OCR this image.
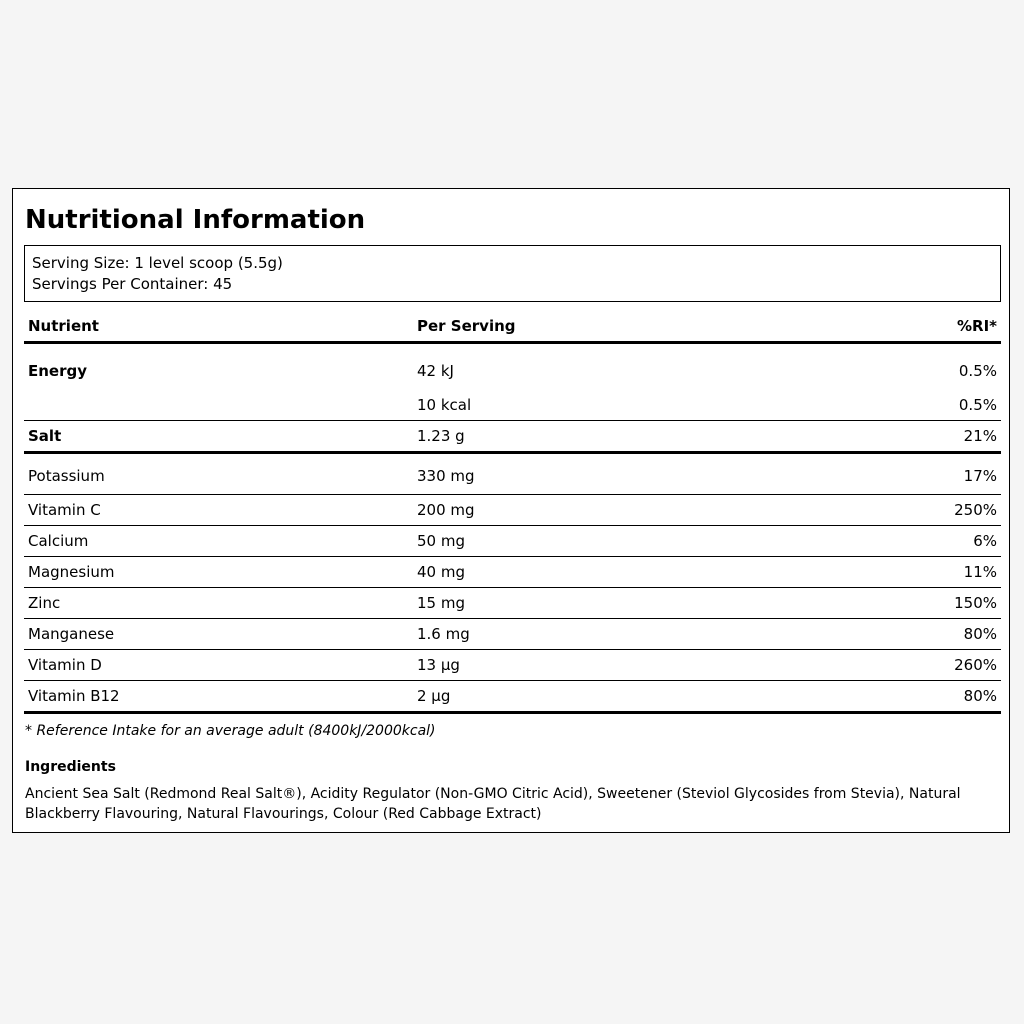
Nutritional Information
Serving Size: 1 level scoop (5.5g)
Servings Per Container: 45
Nutrient	Per Serving	%RI*
Energy	42 kJ	0.5%
	10 kcal	0.5%
Salt	1.23 g	21%
Potassium	330 mg	17%
Vitamin C	200 mg	250%
Calcium	50 mg	6%
Magnesium	40 mg	11%
Zinc	15 mg	150%
Manganese	1.6 mg	80%
Vitamin D	13 µg	260%
Vitamin B12	2 µg	80%
* Reference Intake for an average adult (8400kJ/2000kcal)
Ingredients

Ancient Sea Salt (Redmond Real Salt®), Acidity Regulator (Non-GMO Citric Acid), Sweetener (Steviol Glycosides from Stevia), Natural Blackberry Flavouring, Natural Flavourings, Colour (Red Cabbage Extract)
